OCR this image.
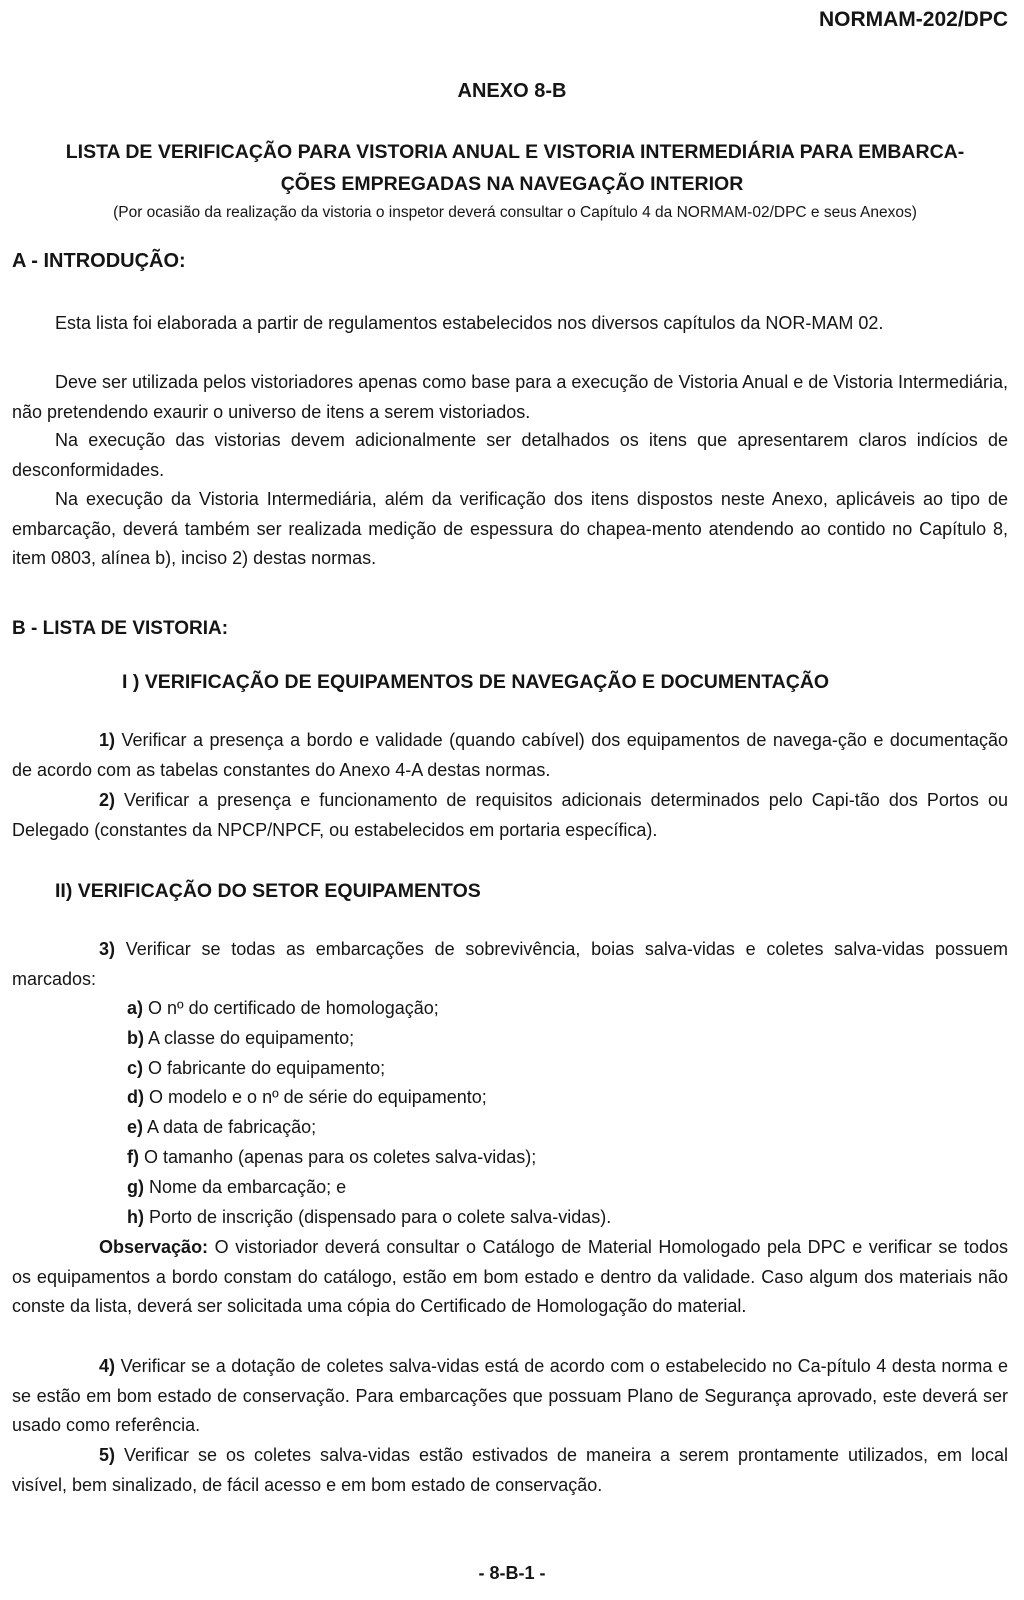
NORMAM-202/DPC
ANEXO 8-B
LISTA DE VERIFICAÇÃO PARA VISTORIA ANUAL E VISTORIA INTERMEDIÁRIA PARA EMBARCA-
ÇÕES EMPREGADAS NA NAVEGAÇÃO INTERIOR
(Por ocasião da realização da vistoria o inspetor deverá consultar o Capítulo 4 da NORMAM-02/DPC e seus Anexos)
A - INTRODUÇÃO:
Esta lista foi elaborada a partir de regulamentos estabelecidos nos diversos capítulos da NOR-MAM 02.
Deve ser utilizada pelos vistoriadores apenas como base para a execução de Vistoria Anual e de Vistoria Intermediária, não pretendendo exaurir o universo de itens a serem vistoriados.
Na execução das vistorias devem adicionalmente ser detalhados os itens que apresentarem claros indícios de desconformidades.
Na execução da Vistoria Intermediária, além da verificação dos itens dispostos neste Anexo, aplicáveis ao tipo de embarcação, deverá também ser realizada medição de espessura do chapea-mento atendendo ao contido no Capítulo 8, item 0803, alínea b), inciso 2) destas normas.
B - LISTA DE VISTORIA:
I ) VERIFICAÇÃO DE EQUIPAMENTOS DE NAVEGAÇÃO E DOCUMENTAÇÃO
1) Verificar a presença a bordo e validade (quando cabível) dos equipamentos de navega-ção e documentação de acordo com as tabelas constantes do Anexo 4-A destas normas.
2) Verificar a presença e funcionamento de requisitos adicionais determinados pelo Capi-tão dos Portos ou Delegado (constantes da NPCP/NPCF, ou estabelecidos em portaria específica).
II) VERIFICAÇÃO DO SETOR EQUIPAMENTOS
3) Verificar se todas as embarcações de sobrevivência, boias salva-vidas e coletes salva-vidas possuem marcados:
a) O nº do certificado de homologação;
b) A classe do equipamento;
c) O fabricante do equipamento;
d) O modelo e o nº de série do equipamento;
e) A data de fabricação;
f) O tamanho (apenas para os coletes salva-vidas);
g) Nome da embarcação; e
h) Porto de inscrição (dispensado para o colete salva-vidas).
Observação: O vistoriador deverá consultar o Catálogo de Material Homologado pela DPC e verificar se todos os equipamentos a bordo constam do catálogo, estão em bom estado e dentro da validade. Caso algum dos materiais não conste da lista, deverá ser solicitada uma cópia do Certificado de Homologação do material.
4) Verificar se a dotação de coletes salva-vidas está de acordo com o estabelecido no Ca-pítulo 4 desta norma e se estão em bom estado de conservação. Para embarcações que possuam Plano de Segurança aprovado, este deverá ser usado como referência.
5) Verificar se os coletes salva-vidas estão estivados de maneira a serem prontamente utilizados, em local visível, bem sinalizado, de fácil acesso e em bom estado de conservação.
- 8-B-1 -
